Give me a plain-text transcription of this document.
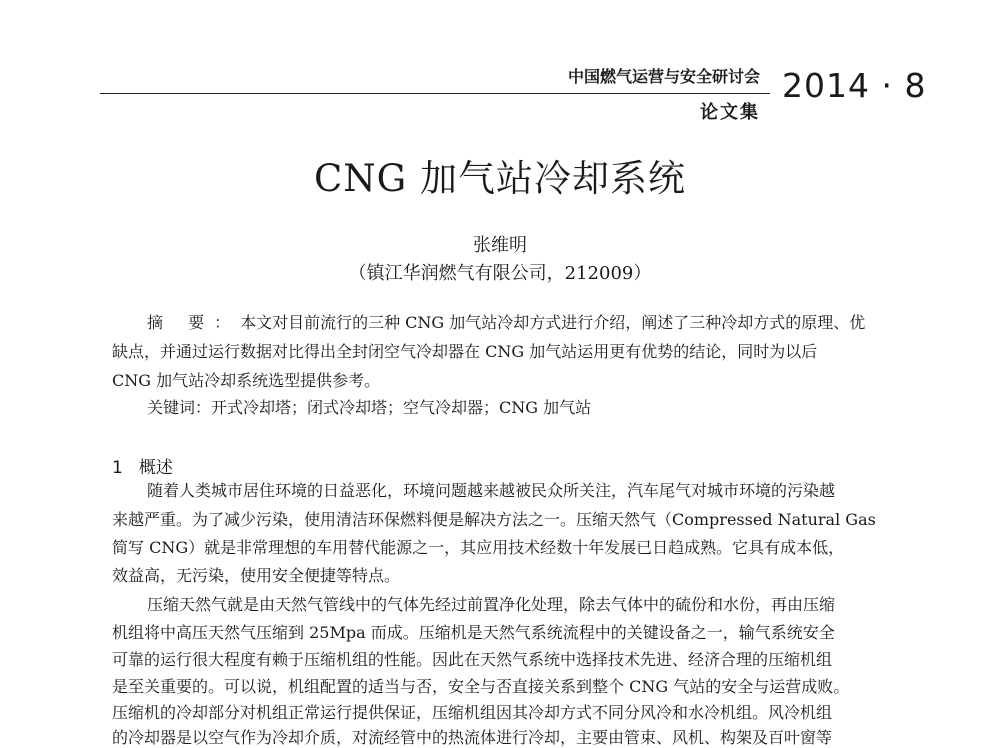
中国燃气运营与安全研讨会
论文集
2014 · 8
CNG 加气站冷却系统
张维明
（镇江华润燃气有限公司，212009）
摘 要：本文对目前流行的三种 CNG 加气站冷却方式进行介绍，阐述了三种冷却方式的原理、优
缺点，并通过运行数据对比得出全封闭空气冷却器在 CNG 加气站运用更有优势的结论，同时为以后
CNG 加气站冷却系统选型提供参考。
关键词：开式冷却塔；闭式冷却塔；空气冷却器；CNG 加气站
1 概述
随着人类城市居住环境的日益恶化，环境问题越来越被民众所关注，汽车尾气对城市环境的污染越
来越严重。为了减少污染，使用清洁环保燃料便是解决方法之一。压缩天然气（Compressed Natural Gas
简写 CNG）就是非常理想的车用替代能源之一，其应用技术经数十年发展已日趋成熟。它具有成本低，
效益高，无污染，使用安全便捷等特点。
压缩天然气就是由天然气管线中的气体先经过前置净化处理，除去气体中的硫份和水份，再由压缩
机组将中高压天然气压缩到 25Mpa 而成。压缩机是天然气系统流程中的关键设备之一，输气系统安全
可靠的运行很大程度有赖于压缩机组的性能。因此在天然气系统中选择技术先进、经济合理的压缩机组
是至关重要的。可以说，机组配置的适当与否，安全与否直接关系到整个 CNG 气站的安全与运营成败。
压缩机的冷却部分对机组正常运行提供保证，压缩机组因其冷却方式不同分风冷和水冷机组。风冷机组
的冷却器是以空气作为冷却介质，对流经管中的热流体进行冷却，主要由管束、风机、构架及百叶窗等
